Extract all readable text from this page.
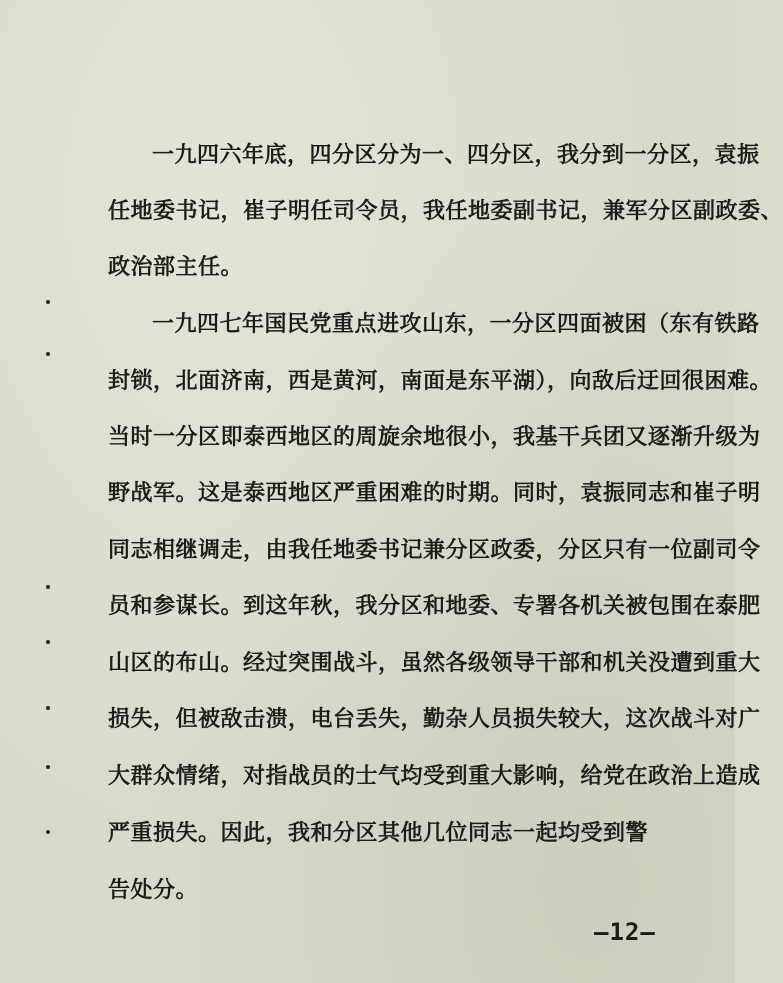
一九四六年底，四分区分为一、四分区，我分到一分区，袁振
任地委书记，崔子明任司令员，我任地委副书记，兼军分区副政委、
政治部主任。
一九四七年国民党重点进攻山东，一分区四面被困（东有铁路
封锁，北面济南，西是黄河，南面是东平湖），向敌后迂回很困难。
当时一分区即泰西地区的周旋余地很小，我基干兵团又逐渐升级为
野战军。这是泰西地区严重困难的时期。同时，袁振同志和崔子明
同志相继调走，由我任地委书记兼分区政委，分区只有一位副司令
员和参谋长。到这年秋，我分区和地委、专署各机关被包围在泰肥
山区的布山。经过突围战斗，虽然各级领导干部和机关没遭到重大
损失，但被敌击溃，电台丢失，勤杂人员损失较大，这次战斗对广
大群众情绪，对指战员的士气均受到重大影响，给党在政治上造成
严重损失。因此，我和分区其他几位同志一起均受到警
告处分。
—12—
